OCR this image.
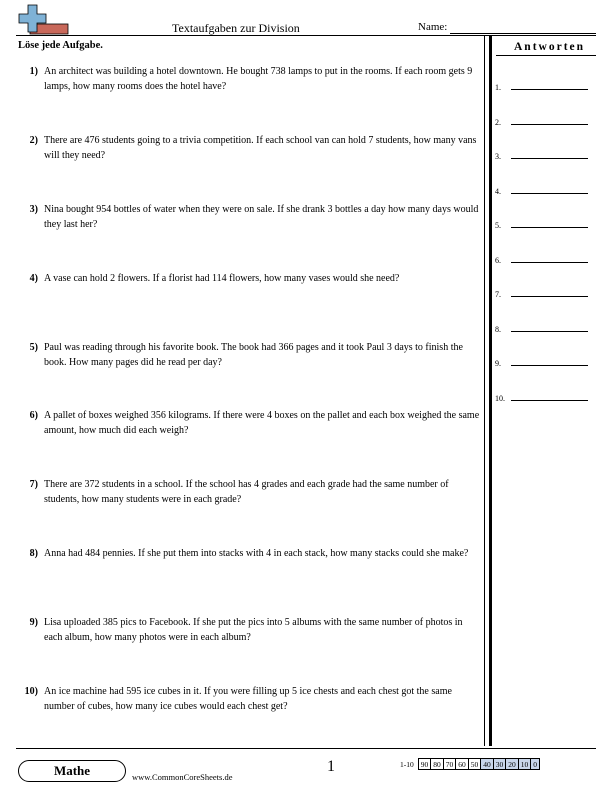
Textaufgaben zur Division	Name:
Löse jede Aufgabe.	Antworten
1) An architect was building a hotel downtown. He bought 738 lamps to put in the rooms. If each room gets 9 lamps, how many rooms does the hotel have?
2) There are 476 students going to a trivia competition. If each school van can hold 7 students, how many vans will they need?
3) Nina bought 954 bottles of water when they were on sale. If she drank 3 bottles a day how many days would they last her?
4) A vase can hold 2 flowers. If a florist had 114 flowers, how many vases would she need?
5) Paul was reading through his favorite book. The book had 366 pages and it took Paul 3 days to finish the book. How many pages did he read per day?
6) A pallet of boxes weighed 356 kilograms. If there were 4 boxes on the pallet and each box weighed the same amount, how much did each weigh?
7) There are 372 students in a school. If the school has 4 grades and each grade had the same number of students, how many students were in each grade?
8) Anna had 484 pennies. If she put them into stacks with 4 in each stack, how many stacks could she make?
9) Lisa uploaded 385 pics to Facebook. If she put the pics into 5 albums with the same number of photos in each album, how many photos were in each album?
10) An ice machine had 595 ice cubes in it. If you were filling up 5 ice chests and each chest got the same number of cubes, how many ice cubes would each chest get?
1.
2.
3.
4.
5.
6.
7.
8.
9.
10.
Mathe	www.CommonCoreSheets.de
1	1-10	90	80	70	60	50	40	30	20	10	0
